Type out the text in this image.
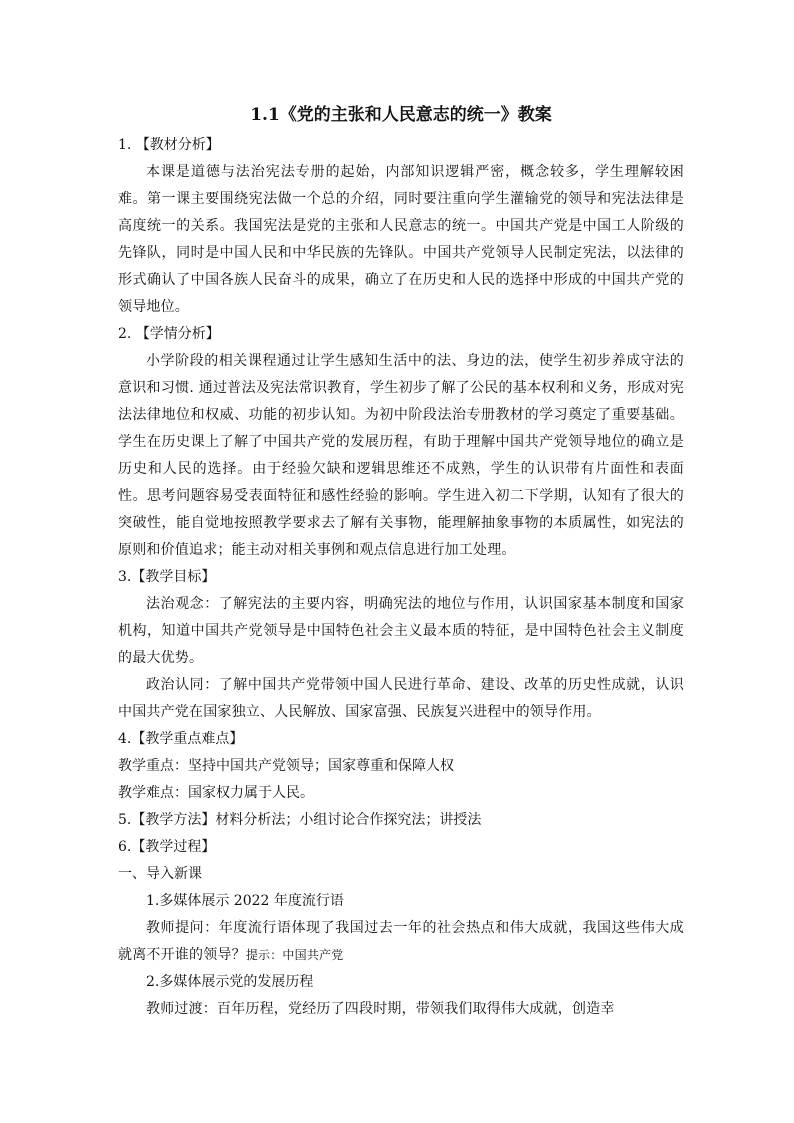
1.1《党的主张和人民意志的统一》教案
1. 【教材分析】
本课是道德与法治宪法专册的起始，内部知识逻辑严密，概念较多，学生理解较困难。第一课主要围绕宪法做一个总的介绍，同时要注重向学生灌输党的领导和宪法法律是高度统一的关系。我国宪法是党的主张和人民意志的统一。中国共产党是中国工人阶级的先锋队，同时是中国人民和中华民族的先锋队。中国共产党领导人民制定宪法，以法律的形式确认了中国各族人民奋斗的成果，确立了在历史和人民的选择中形成的中国共产党的领导地位。
2. 【学情分析】
小学阶段的相关课程通过让学生感知生活中的法、身边的法，使学生初步养成守法的意识和习惯. 通过普法及宪法常识教育，学生初步了解了公民的基本权利和义务，形成对宪法法律地位和权威、功能的初步认知。为初中阶段法治专册教材的学习奠定了重要基础。学生在历史课上了解了中国共产党的发展历程，有助于理解中国共产党领导地位的确立是历史和人民的选择。由于经验欠缺和逻辑思维还不成熟，学生的认识带有片面性和表面性。思考问题容易受表面特征和感性经验的影响。学生进入初二下学期，认知有了很大的突破性，能自觉地按照教学要求去了解有关事物，能理解抽象事物的本质属性，如宪法的原则和价值追求；能主动对相关事例和观点信息进行加工处理。
3.【教学目标】
法治观念：了解宪法的主要内容，明确宪法的地位与作用，认识国家基本制度和国家机构，知道中国共产党领导是中国特色社会主义最本质的特征，是中国特色社会主义制度的最大优势。
政治认同：了解中国共产党带领中国人民进行革命、建设、改革的历史性成就，认识中国共产党在国家独立、人民解放、国家富强、民族复兴进程中的领导作用。
4.【教学重点难点】
教学重点：坚持中国共产党领导；国家尊重和保障人权
教学难点：国家权力属于人民。
5.【教学方法】材料分析法；小组讨论合作探究法；讲授法
6.【教学过程】
一、导入新课
1.多媒体展示 2022 年度流行语
教师提问：年度流行语体现了我国过去一年的社会热点和伟大成就，我国这些伟大成就离不开谁的领导？提示：中国共产党
2.多媒体展示党的发展历程
教师过渡：百年历程，党经历了四段时期，带领我们取得伟大成就，创造幸
